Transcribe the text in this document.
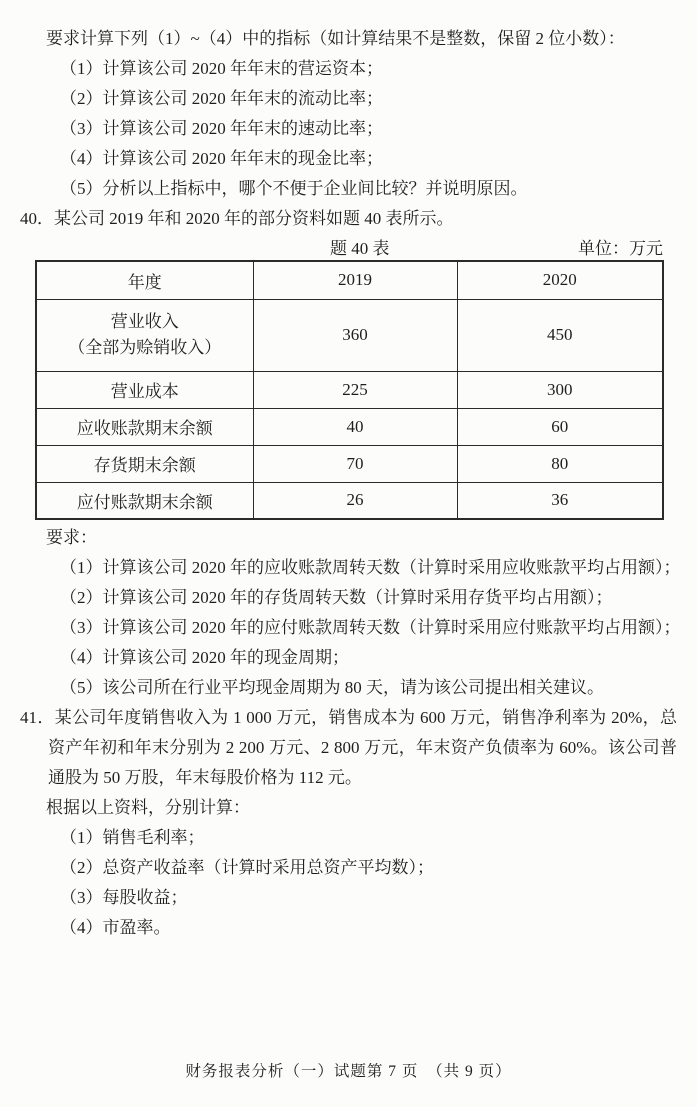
要求计算下列（1）~（4）中的指标（如计算结果不是整数，保留 2 位小数）：
（1）计算该公司 2020 年年末的营运资本；
（2）计算该公司 2020 年年末的流动比率；
（3）计算该公司 2020 年年末的速动比率；
（4）计算该公司 2020 年年末的现金比率；
（5）分析以上指标中，哪个不便于企业间比较？并说明原因。
40．某公司 2019 年和 2020 年的部分资料如题 40 表所示。
题 40 表	单位：万元
年度	2019	2020

营业收入
（全部为赊销收入）	360	450
营业成本	225	300
应收账款期末余额	40	60
存货期末余额	70	80
应付账款期末余额	26	36
要求：
（1）计算该公司 2020 年的应收账款周转天数（计算时采用应收账款平均占用额）；
（2）计算该公司 2020 年的存货周转天数（计算时采用存货平均占用额）；
（3）计算该公司 2020 年的应付账款周转天数（计算时采用应付账款平均占用额）；
（4）计算该公司 2020 年的现金周期；
（5）该公司所在行业平均现金周期为 80 天，请为该公司提出相关建议。
41．某公司年度销售收入为 1 000 万元，销售成本为 600 万元，销售净利率为 20%，总资产年初和年末分别为 2 200 万元、2 800 万元，年末资产负债率为 60%。该公司普通股为 50 万股，年末每股价格为 112 元。
根据以上资料，分别计算：
（1）销售毛利率；
（2）总资产收益率（计算时采用总资产平均数）；
（3）每股收益；
（4）市盈率。
财务报表分析（一）试题第 7 页　（共 9 页）
